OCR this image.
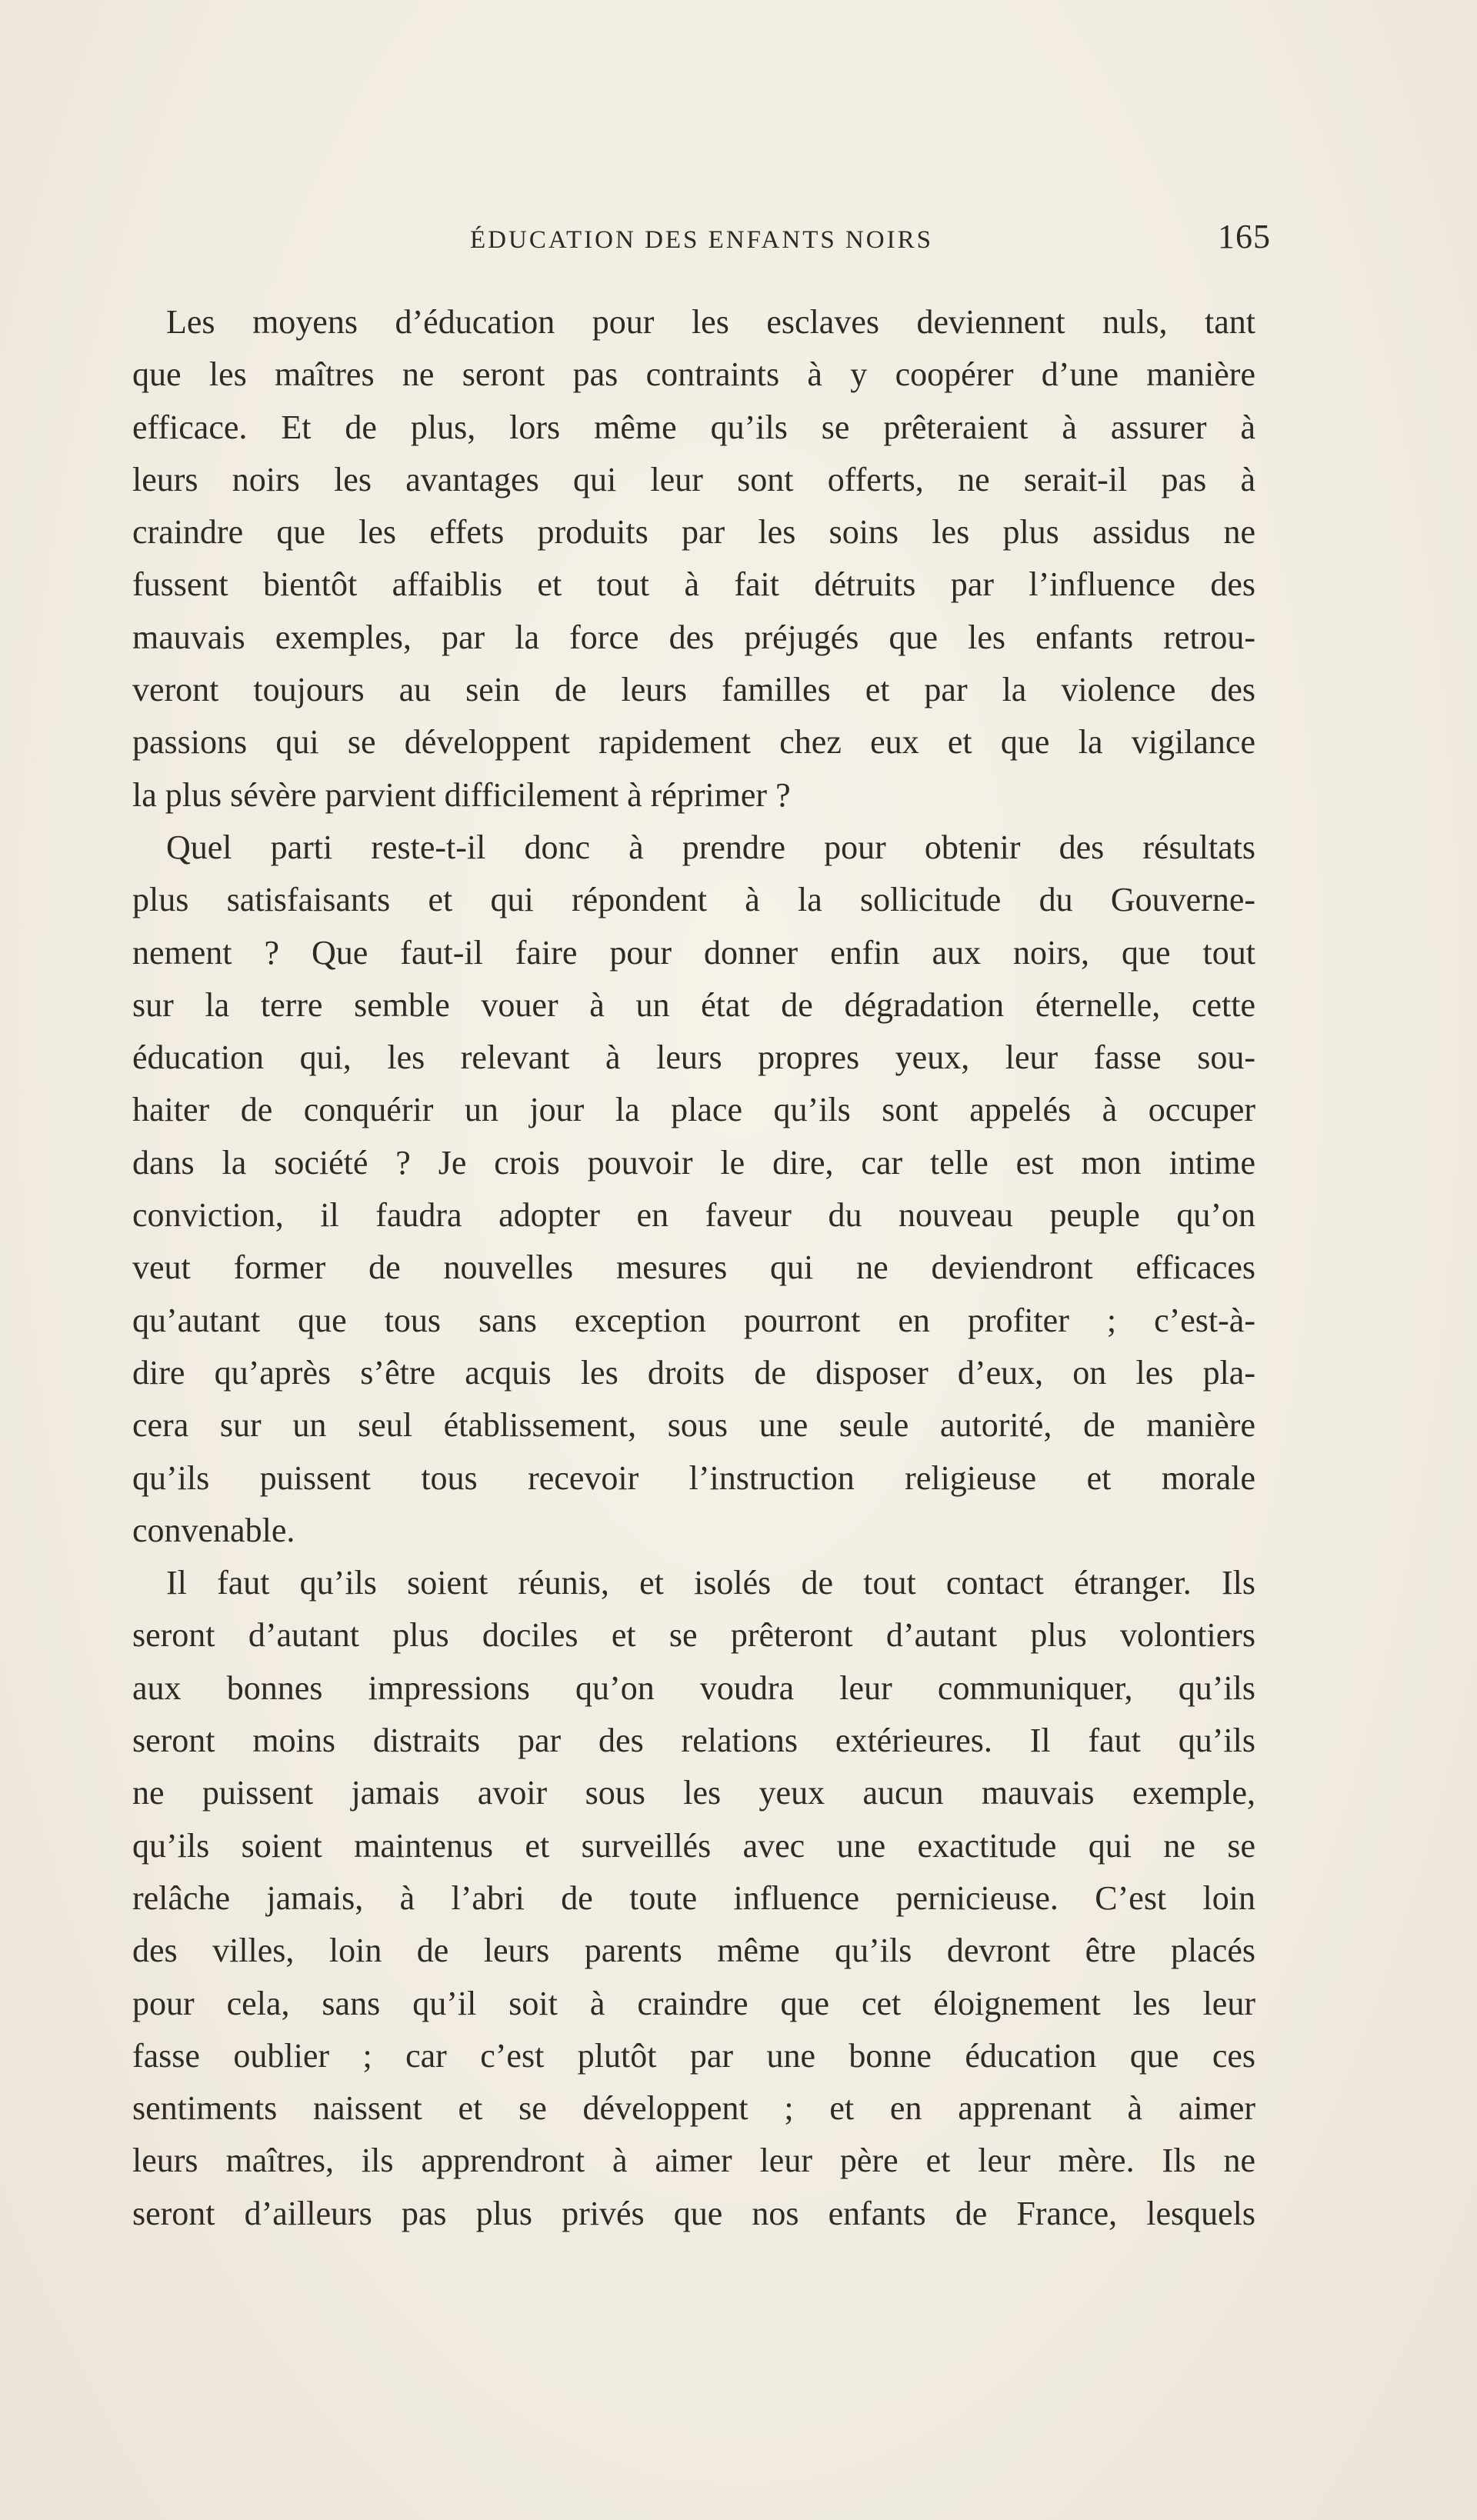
ÉDUCATION DES ENFANTS NOIRS	165
 Les moyens d’éducation pour les esclaves deviennent nuls, tant
que les maîtres ne seront pas contraints à y coopérer d’une manière
efficace. Et de plus, lors même qu’ils se prêteraient à assurer à
leurs noirs les avantages qui leur sont offerts, ne serait-il pas à
craindre que les effets produits par les soins les plus assidus ne
fussent bientôt affaiblis et tout à fait détruits par l’influence des
mauvais exemples, par la force des préjugés que les enfants retrou-
veront toujours au sein de leurs familles et par la violence des
passions qui se développent rapidement chez eux et que la vigilance
la plus sévère parvient difficilement à réprimer ?
 Quel parti reste-t-il donc à prendre pour obtenir des résultats
plus satisfaisants et qui répondent à la sollicitude du Gouverne-
nement ? Que faut-il faire pour donner enfin aux noirs, que tout
sur la terre semble vouer à un état de dégradation éternelle, cette
éducation qui, les relevant à leurs propres yeux, leur fasse sou-
haiter de conquérir un jour la place qu’ils sont appelés à occuper
dans la société ? Je crois pouvoir le dire, car telle est mon intime
conviction, il faudra adopter en faveur du nouveau peuple qu’on
veut former de nouvelles mesures qui ne deviendront efficaces
qu’autant que tous sans exception pourront en profiter ; c’est-à-
dire qu’après s’être acquis les droits de disposer d’eux, on les pla-
cera sur un seul établissement, sous une seule autorité, de manière
qu’ils puissent tous recevoir l’instruction religieuse et morale
convenable.
 Il faut qu’ils soient réunis, et isolés de tout contact étranger. Ils
seront d’autant plus dociles et se prêteront d’autant plus volontiers
aux bonnes impressions qu’on voudra leur communiquer, qu’ils
seront moins distraits par des relations extérieures. Il faut qu’ils
ne puissent jamais avoir sous les yeux aucun mauvais exemple,
qu’ils soient maintenus et surveillés avec une exactitude qui ne se
relâche jamais, à l’abri de toute influence pernicieuse. C’est loin
des villes, loin de leurs parents même qu’ils devront être placés
pour cela, sans qu’il soit à craindre que cet éloignement les leur
fasse oublier ; car c’est plutôt par une bonne éducation que ces
sentiments naissent et se développent ; et en apprenant à aimer
leurs maîtres, ils apprendront à aimer leur père et leur mère. Ils ne
seront d’ailleurs pas plus privés que nos enfants de France, lesquels
